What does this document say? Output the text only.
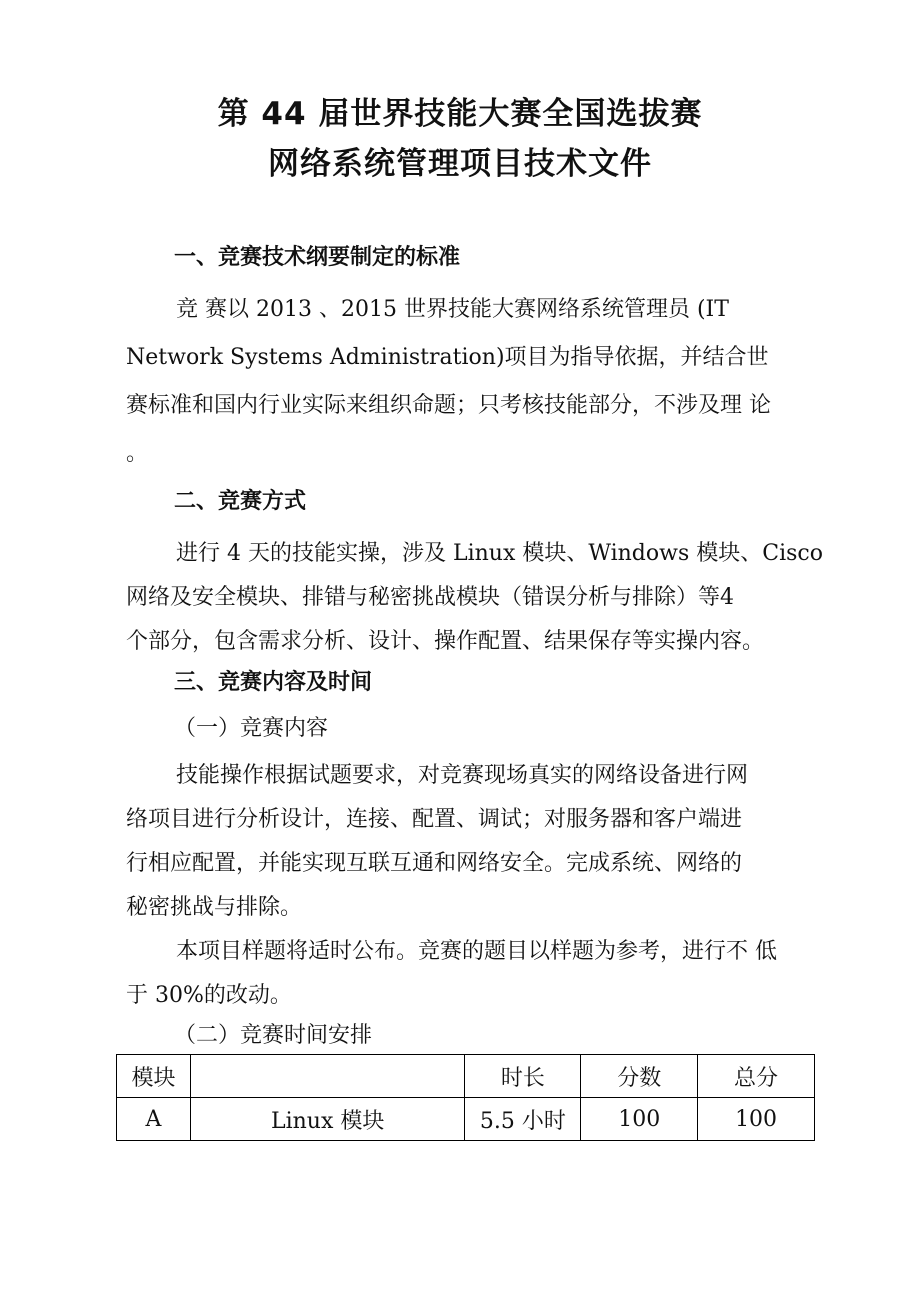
第 44 届世界技能大赛全国选拔赛
网络系统管理项目技术文件
一、竞赛技术纲要制定的标准

竞 赛以 2013 、2015 世界技能大赛网络系统管理员 (IT

Network Systems Administration)项目为指导依据，并结合世

赛标准和国内行业实际来组织命题；只考核技能部分，不涉及理 论

。

二、竞赛方式

进行 4 天的技能实操，涉及 Linux 模块、Windows 模块、Cisco

网络及安全模块、排错与秘密挑战模块（错误分析与排除）等4

个部分，包含需求分析、设计、操作配置、结果保存等实操内容。

三、竞赛内容及时间

（一）竞赛内容

技能操作根据试题要求，对竞赛现场真实的网络设备进行网

络项目进行分析设计，连接、配置、调试；对服务器和客户端进

行相应配置，并能实现互联互通和网络安全。完成系统、网络的

秘密挑战与排除。

本项目样题将适时公布。竞赛的题目以样题为参考，进行不 低

于 30%的改动。

（二）竞赛时间安排

模块		时长	分数	总分
A	Linux 模块	5.5 小时	100	100
